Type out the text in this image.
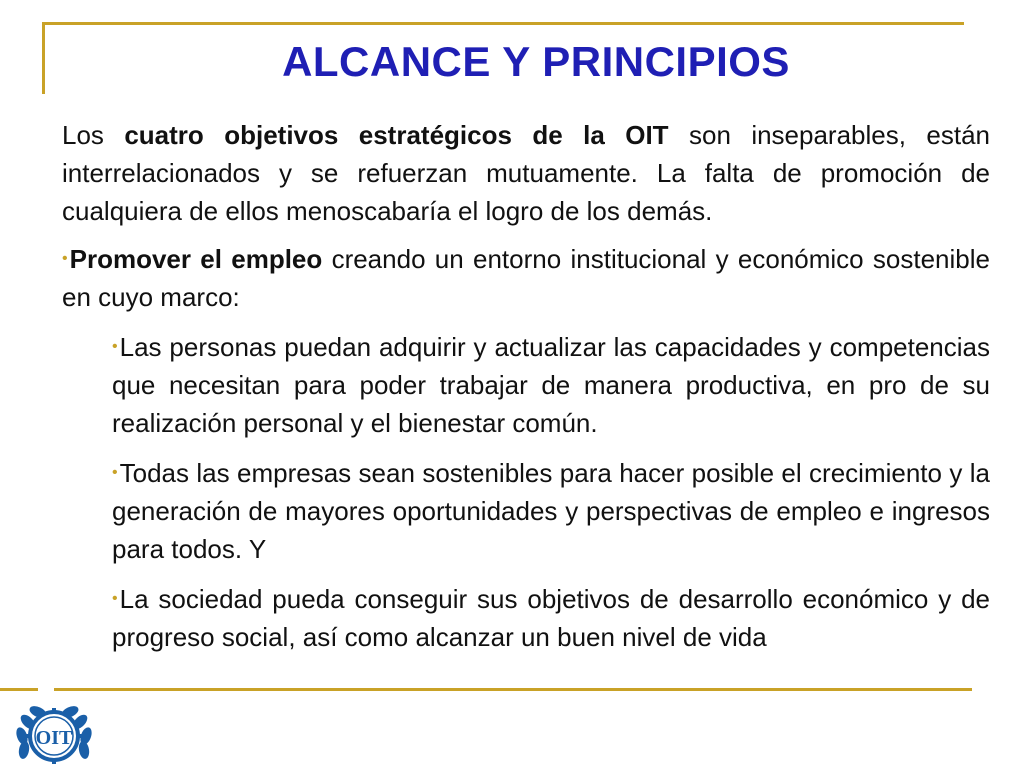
ALCANCE Y PRINCIPIOS

Los cuatro objetivos estratégicos de la OIT son inseparables, están interrelacionados y se refuerzan mutuamente. La falta de promoción de cualquiera de ellos menoscabaría el logro de los demás.

•Promover el empleo creando un entorno institucional y económico sostenible en cuyo marco:

•Las personas puedan adquirir y actualizar las capacidades y competencias que necesitan para poder trabajar de manera productiva, en pro de su realización personal y el bienestar común.

•Todas las empresas sean sostenibles para hacer posible el crecimiento y la generación de mayores oportunidades y perspectivas de empleo e ingresos para todos. Y

•La sociedad pueda conseguir sus objetivos de desarrollo económico y de progreso social, así como alcanzar un buen nivel de vida

OIT
